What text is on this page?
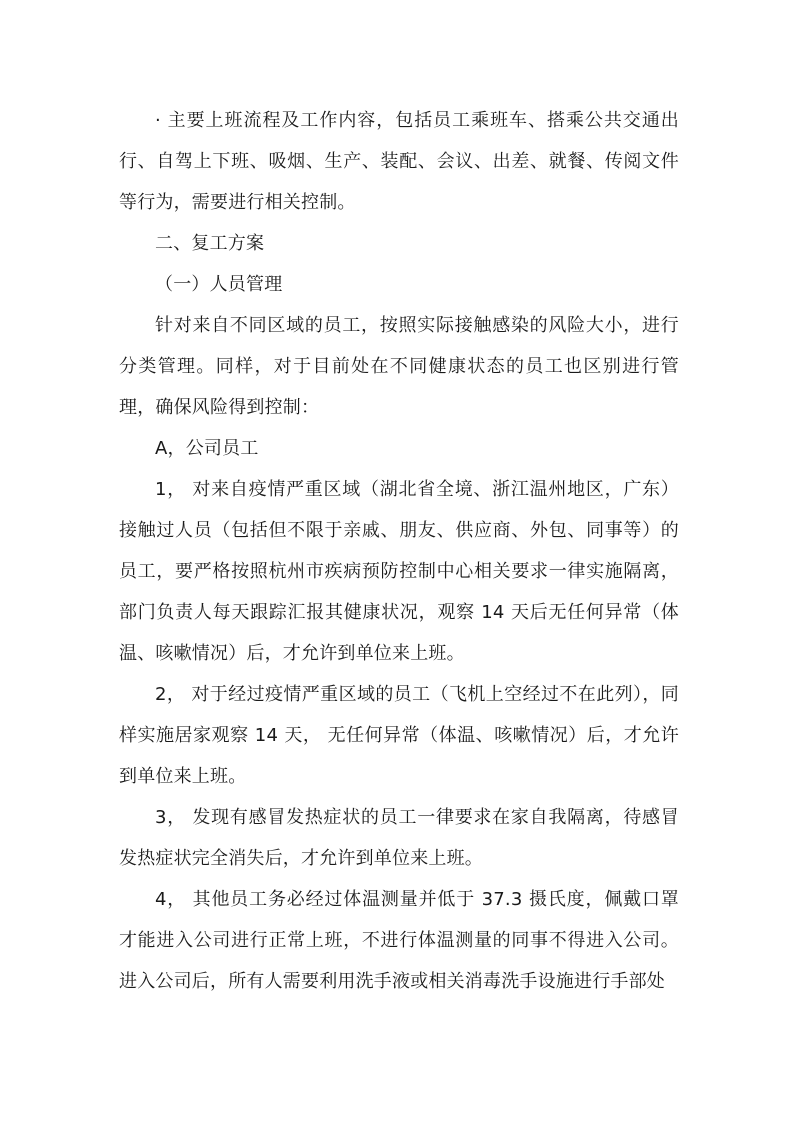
· 主要上班流程及工作内容，包括员工乘班车、搭乘公共交通出行、自驾上下班、吸烟、生产、装配、会议、出差、就餐、传阅文件等行为，需要进行相关控制。

二、复工方案

（一）人员管理

针对来自不同区域的员工，按照实际接触感染的风险大小，进行分类管理。同样，对于目前处在不同健康状态的员工也区别进行管理，确保风险得到控制：

A，公司员工

1， 对来自疫情严重区域（湖北省全境、浙江温州地区，广东）接触过人员（包括但不限于亲戚、朋友、供应商、外包、同事等）的员工，要严格按照杭州市疾病预防控制中心相关要求一律实施隔离，部门负责人每天跟踪汇报其健康状况，观察 14 天后无任何异常（体温、咳嗽情况）后，才允许到单位来上班。

2， 对于经过疫情严重区域的员工（飞机上空经过不在此列），同样实施居家观察 14 天， 无任何异常（体温、咳嗽情况）后，才允许到单位来上班。

3， 发现有感冒发热症状的员工一律要求在家自我隔离，待感冒发热症状完全消失后，才允许到单位来上班。

4， 其他员工务必经过体温测量并低于 37.3 摄氏度，佩戴口罩才能进入公司进行正常上班，不进行体温测量的同事不得进入公司。进入公司后，所有人需要利用洗手液或相关消毒洗手设施进行手部处
